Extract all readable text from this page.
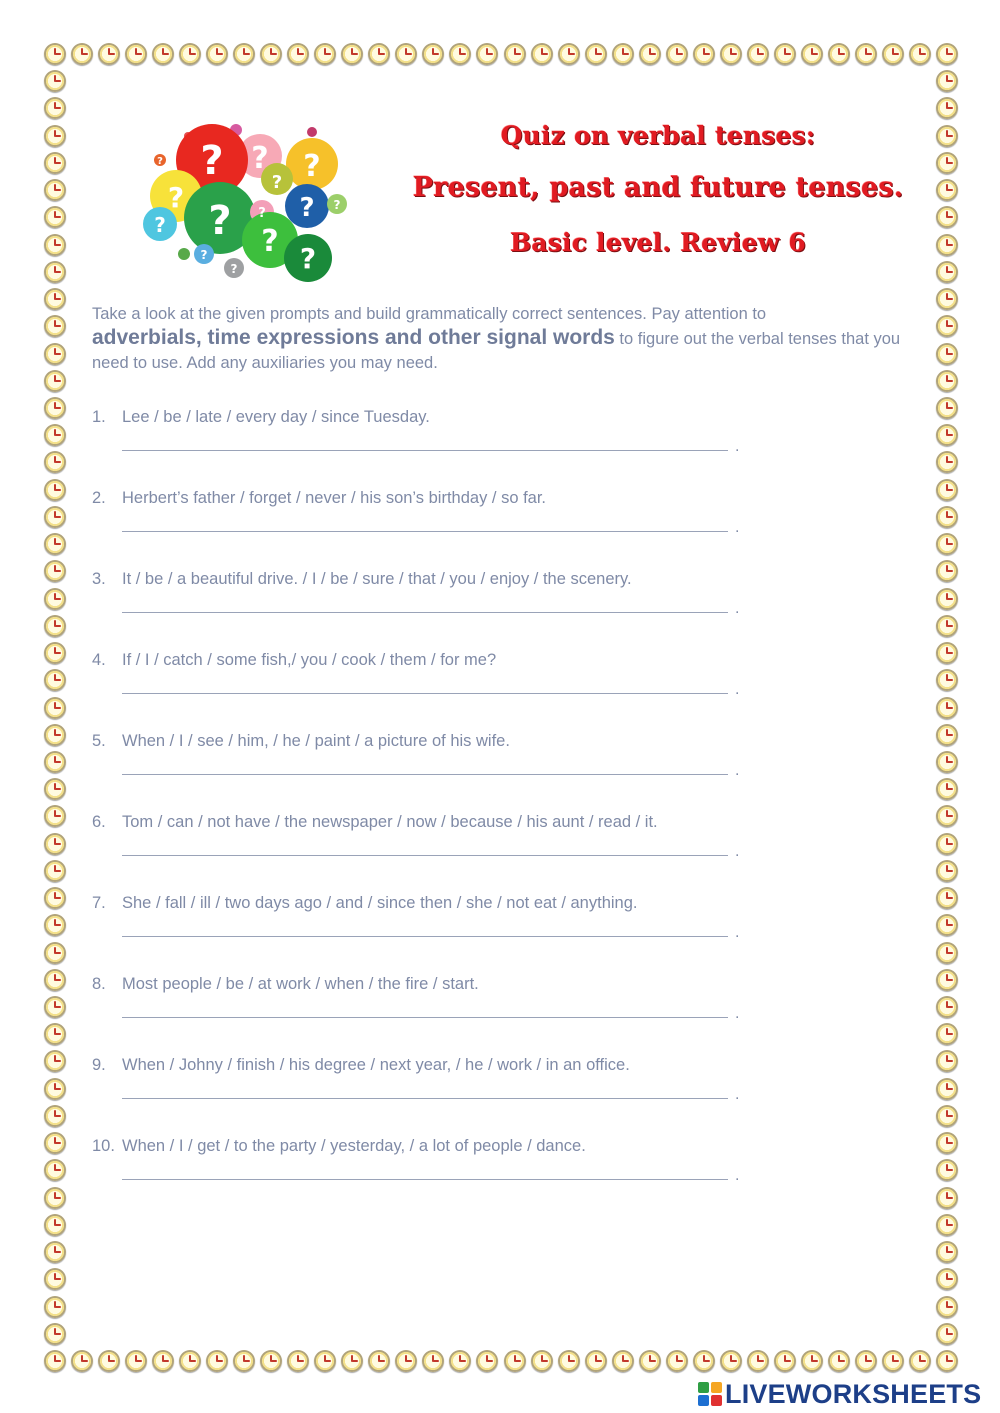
? ? ?
?
?
? ?	? ?
? ?
?
?
?
?

Quiz on verbal tenses:

Present, past and future tenses.

Basic level. Review 6

Take a look at the given prompts and build grammatically correct sentences. Pay attention to
adverbials, time expressions and other signal words to figure out the verbal tenses that you need to use. Add any auxiliaries you may need.
1. Lee / be / late / every day / since Tuesday.
.
2. Herbert’s father / forget / never / his son’s birthday / so far.
.
3. It / be / a beautiful drive. / I / be / sure / that / you / enjoy / the scenery.
.
4. If / I / catch / some fish,/ you / cook / them / for me?
.
5. When / I / see / him, / he / paint / a picture of his wife.
.
6. Tom / can / not have / the newspaper / now / because / his aunt / read / it.
.
7. She / fall / ill / two days ago / and / since then / she / not eat / anything.
.
8. Most people / be / at work / when / the fire / start.
.
9. When / Johny / finish / his degree / next year, / he / work / in an office.
.
10. When / I / get / to the party / yesterday, / a lot of people / dance.
.
LIVEWORKSHEETS
